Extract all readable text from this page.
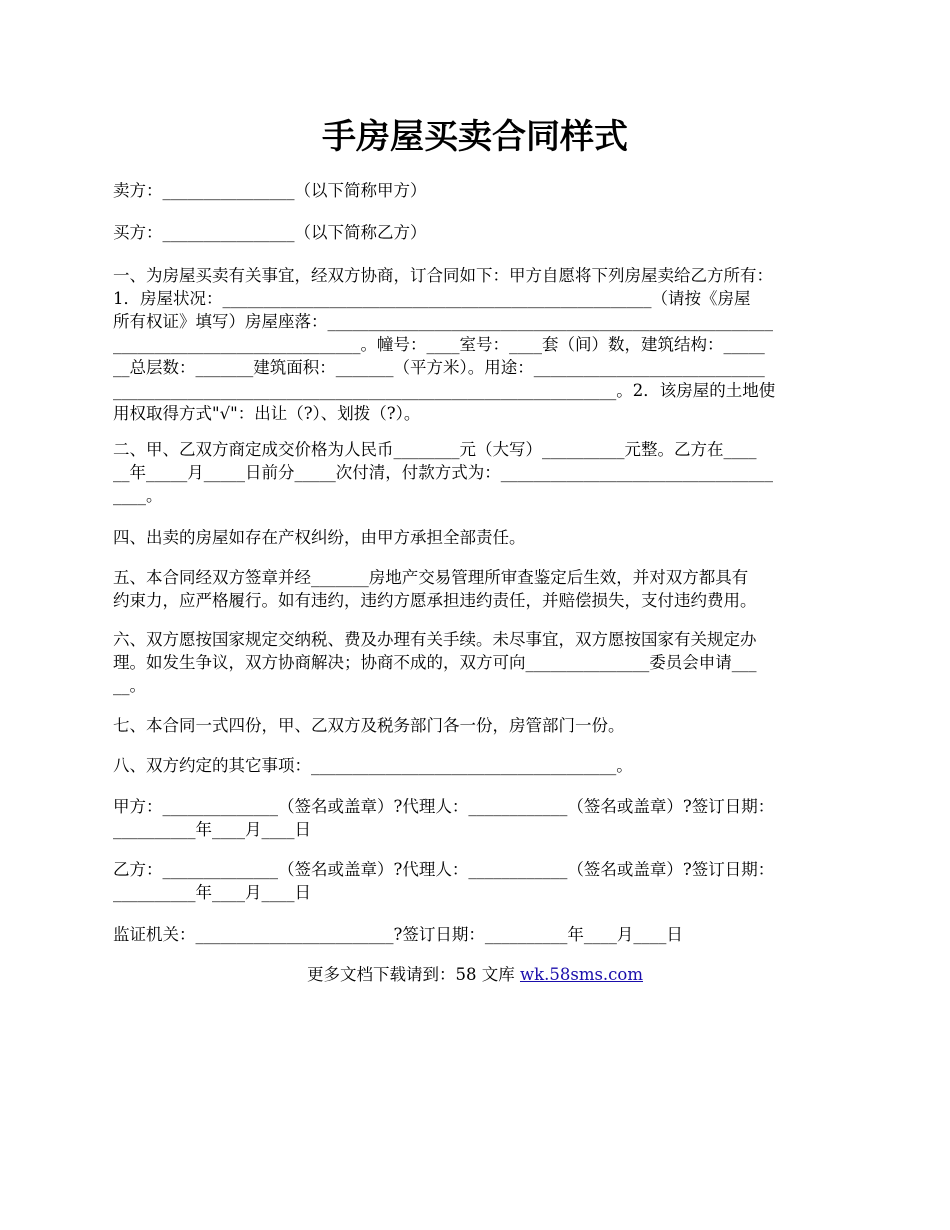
手房屋买卖合同样式

卖方：________________（以下简称甲方）

买方：________________（以下简称乙方）

一、为房屋买卖有关事宜，经双方协商，订合同如下：甲方自愿将下列房屋卖给乙方所有：
1．房屋状况：____________________________________________________（请按《房屋
所有权证》填写）房屋座落：______________________________________________________
______________________________。幢号：____室号：____套（间）数，建筑结构：_____
__总层数：_______建筑面积：_______（平方米）。用途：____________________________
_____________________________________________________________。2．该房屋的土地使
用权取得方式"√"：出让（?）、划拨（?）。
二、甲、乙双方商定成交价格为人民币________元（大写）__________元整。乙方在____
__年_____月_____日前分_____次付清，付款方式为：_________________________________
____。
四、出卖的房屋如存在产权纠纷，由甲方承担全部责任。
五、本合同经双方签章并经_______房地产交易管理所审查鉴定后生效，并对双方都具有
约束力，应严格履行。如有违约，违约方愿承担违约责任，并赔偿损失，支付违约费用。
六、双方愿按国家规定交纳税、费及办理有关手续。未尽事宜，双方愿按国家有关规定办
理。如发生争议，双方协商解决；协商不成的，双方可向_______________委员会申请___
__。
七、本合同一式四份，甲、乙双方及税务部门各一份，房管部门一份。
八、双方约定的其它事项：_____________________________________。
甲方：______________（签名或盖章）?代理人：____________（签名或盖章）?签订日期：
__________年____月____日
乙方：______________（签名或盖章）?代理人：____________（签名或盖章）?签订日期：
__________年____月____日
监证机关：________________________?签订日期：__________年____月____日
更多文档下载请到：58 文库 wk.58sms.com
